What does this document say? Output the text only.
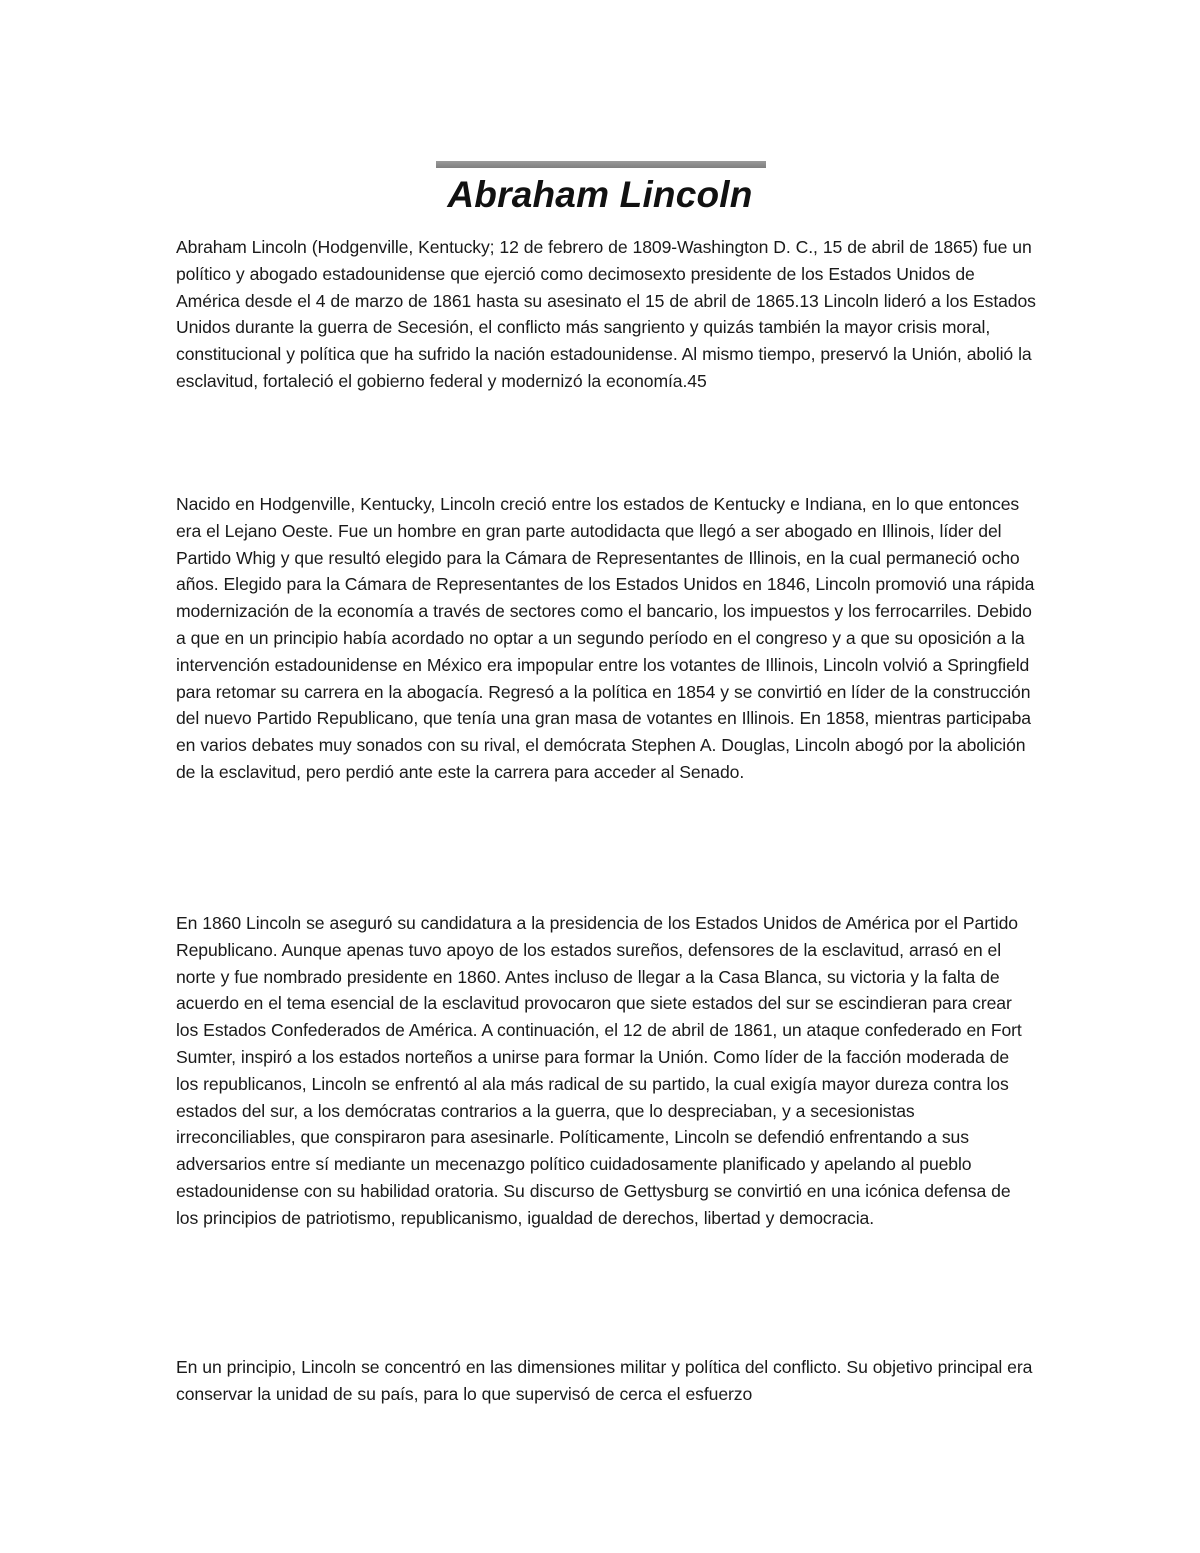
Abraham Lincoln

Abraham Lincoln (Hodgenville, Kentucky; 12 de febrero de 1809-Washington D. C., 15 de abril de 1865) fue un político y abogado estadounidense que ejerció como decimosexto presidente de los Estados Unidos de América desde el 4 de marzo de 1861 hasta su asesinato el 15 de abril de 1865.13 Lincoln lideró a los Estados Unidos durante la guerra de Secesión, el conflicto más sangriento y quizás también la mayor crisis moral, constitucional y política que ha sufrido la nación estadounidense. Al mismo tiempo, preservó la Unión, abolió la esclavitud, fortaleció el gobierno federal y modernizó la economía.45

Nacido en Hodgenville, Kentucky, Lincoln creció entre los estados de Kentucky e Indiana, en lo que entonces era el Lejano Oeste. Fue un hombre en gran parte autodidacta que llegó a ser abogado en Illinois, líder del Partido Whig y que resultó elegido para la Cámara de Representantes de Illinois, en la cual permaneció ocho años. Elegido para la Cámara de Representantes de los Estados Unidos en 1846, Lincoln promovió una rápida modernización de la economía a través de sectores como el bancario, los impuestos y los ferrocarriles. Debido a que en un principio había acordado no optar a un segundo período en el congreso y a que su oposición a la intervención estadounidense en México era impopular entre los votantes de Illinois, Lincoln volvió a Springfield para retomar su carrera en la abogacía. Regresó a la política en 1854 y se convirtió en líder de la construcción del nuevo Partido Republicano, que tenía una gran masa de votantes en Illinois. En 1858, mientras participaba en varios debates muy sonados con su rival, el demócrata Stephen A. Douglas, Lincoln abogó por la abolición de la esclavitud, pero perdió ante este la carrera para acceder al Senado.

En 1860 Lincoln se aseguró su candidatura a la presidencia de los Estados Unidos de América por el Partido Republicano. Aunque apenas tuvo apoyo de los estados sureños, defensores de la esclavitud, arrasó en el norte y fue nombrado presidente en 1860. Antes incluso de llegar a la Casa Blanca, su victoria y la falta de acuerdo en el tema esencial de la esclavitud provocaron que siete estados del sur se escindieran para crear los Estados Confederados de América. A continuación, el 12 de abril de 1861, un ataque confederado en Fort Sumter, inspiró a los estados norteños a unirse para formar la Unión. Como líder de la facción moderada de los republicanos, Lincoln se enfrentó al ala más radical de su partido, la cual exigía mayor dureza contra los estados del sur, a los demócratas contrarios a la guerra, que lo despreciaban, y a secesionistas irreconciliables, que conspiraron para asesinarle. Políticamente, Lincoln se defendió enfrentando a sus adversarios entre sí mediante un mecenazgo político cuidadosamente planificado y apelando al pueblo estadounidense con su habilidad oratoria. Su discurso de Gettysburg se convirtió en una icónica defensa de los principios de patriotismo, republicanismo, igualdad de derechos, libertad y democracia.

En un principio, Lincoln se concentró en las dimensiones militar y política del conflicto. Su objetivo principal era conservar la unidad de su país, para lo que supervisó de cerca el esfuerzo
